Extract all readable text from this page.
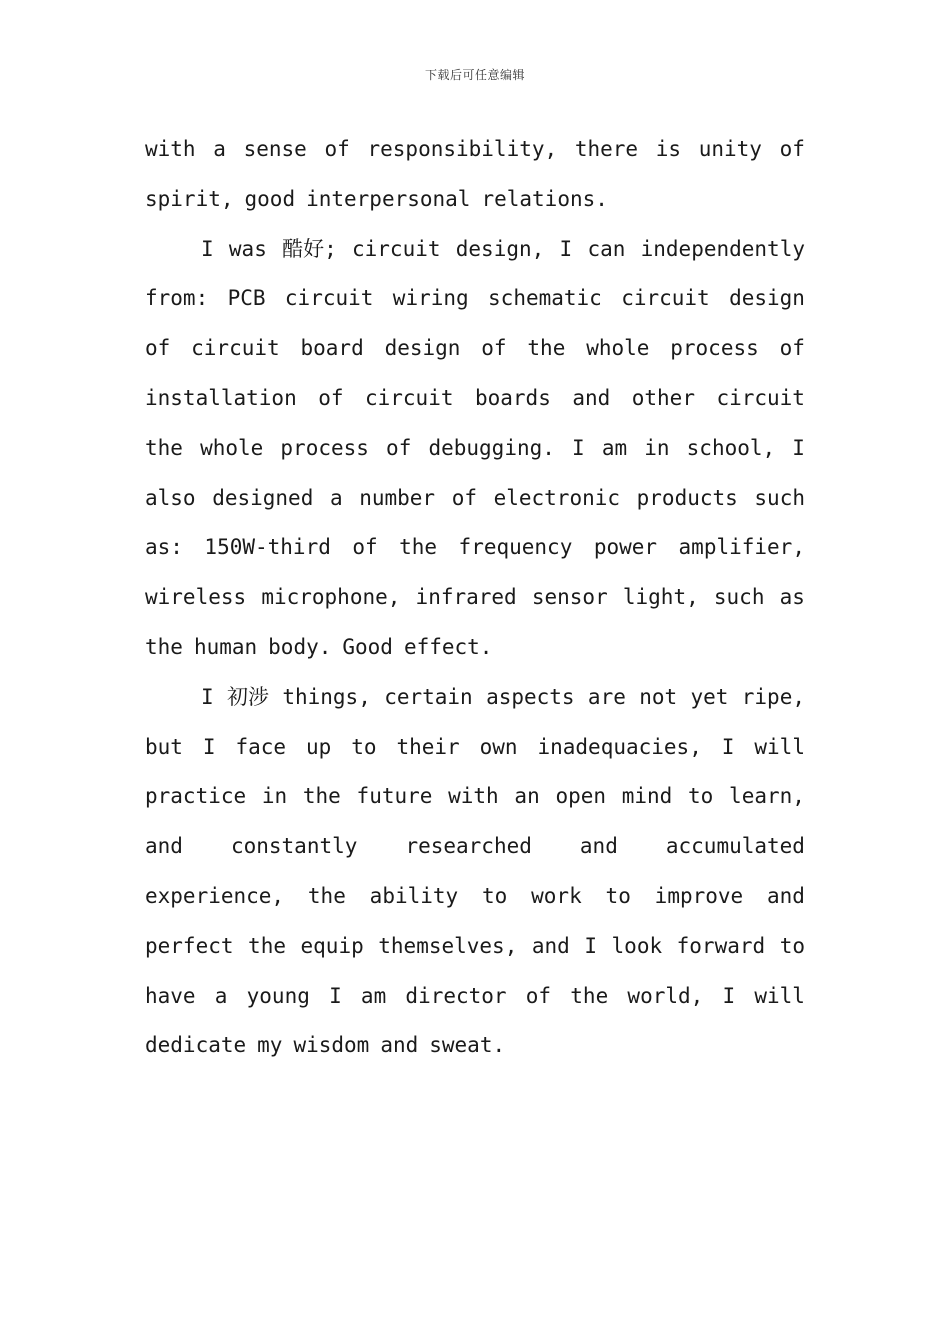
下载后可任意编辑
with a sense of responsibility, there is unity of
spirit, good interpersonal relations.
I was 酷好; circuit design, I can independently
from: PCB circuit wiring schematic circuit design
of circuit board design of the whole process of
installation of circuit boards and other circuit
the whole process of debugging. I am in school, I
also designed a number of electronic products such
as: 150W-third of the frequency power amplifier,
wireless microphone, infrared sensor light, such as
the human body. Good effect.
I 初涉 things, certain aspects are not yet ripe,
but I face up to their own inadequacies, I will
practice in the future with an open mind to learn,
and constantly researched and accumulated
experience, the ability to work to improve and
perfect the equip themselves, and I look forward to
have a young I am director of the world, I will
dedicate my wisdom and sweat.
